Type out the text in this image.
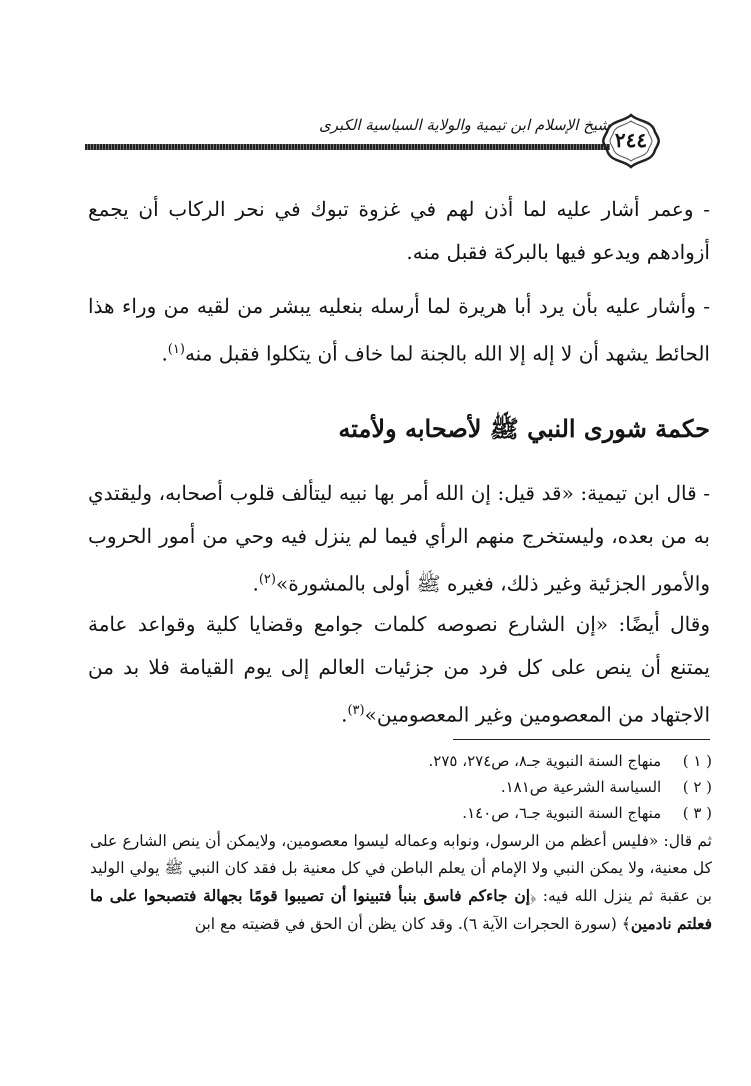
شيخ الإسلام ابن تيمية والولاية السياسية الكبرى
٢٤٤

- وعمر أشار عليه لما أذن لهم في غزوة تبوك في نحر الركاب أن يجمع أزوادهم ويدعو فيها بالبركة فقبل منه.

- وأشار عليه بأن يرد أبا هريرة لما أرسله بنعليه يبشر من لقيه من وراء هذا الحائط يشهد أن لا إله إلا الله بالجنة لما خاف أن يتكلوا فقبل منه$^{(١)}$.

حكمة شورى النبي ﷺ لأصحابه ولأمته

- قال ابن تيمية: «قد قيل: إن الله أمر بها نبيه ليتألف قلوب أصحابه، وليقتدي به من بعده، وليستخرج منهم الرأي فيما لم ينزل فيه وحي من أمور الحروب والأمور الجزئية وغير ذلك، فغيره ﷺ أولى بالمشورة»$^{(٢)}$.

وقال أيضًا: «إن الشارع نصوصه كلمات جوامع وقضايا كلية وقواعد عامة يمتنع أن ينص على كل فرد من جزئيات العالم إلى يوم القيامة فلا بد من الاجتهاد من المعصومين وغير المعصومين»$^{(٣)}$.

( ١ ) منهاج السنة النبوية جـ٨، ص٢٧٤، ٢٧٥.
( ٢ ) السياسة الشرعية ص١٨١.
( ٣ ) منهاج السنة النبوية جـ٦، ص١٤٠.
ثم قال: «فليس أعظم من الرسول، ونوابه وعماله ليسوا معصومين، ولايمكن أن ينص الشارع على كل معنية، ولا يمكن النبي ولا الإمام أن يعلم الباطن في كل معنية بل فقد كان النبي ﷺ يولي الوليد بن عقبة ثم ينزل الله فيه: ﴿إن جاءكم فاسق بنبأ فتبينوا أن تصيبوا قومًا بجهالة فتصبحوا على ما فعلتم نادمين﴾ (سورة الحجرات الآية ٦). وقد كان يظن أن الحق في قضيته مع ابن
